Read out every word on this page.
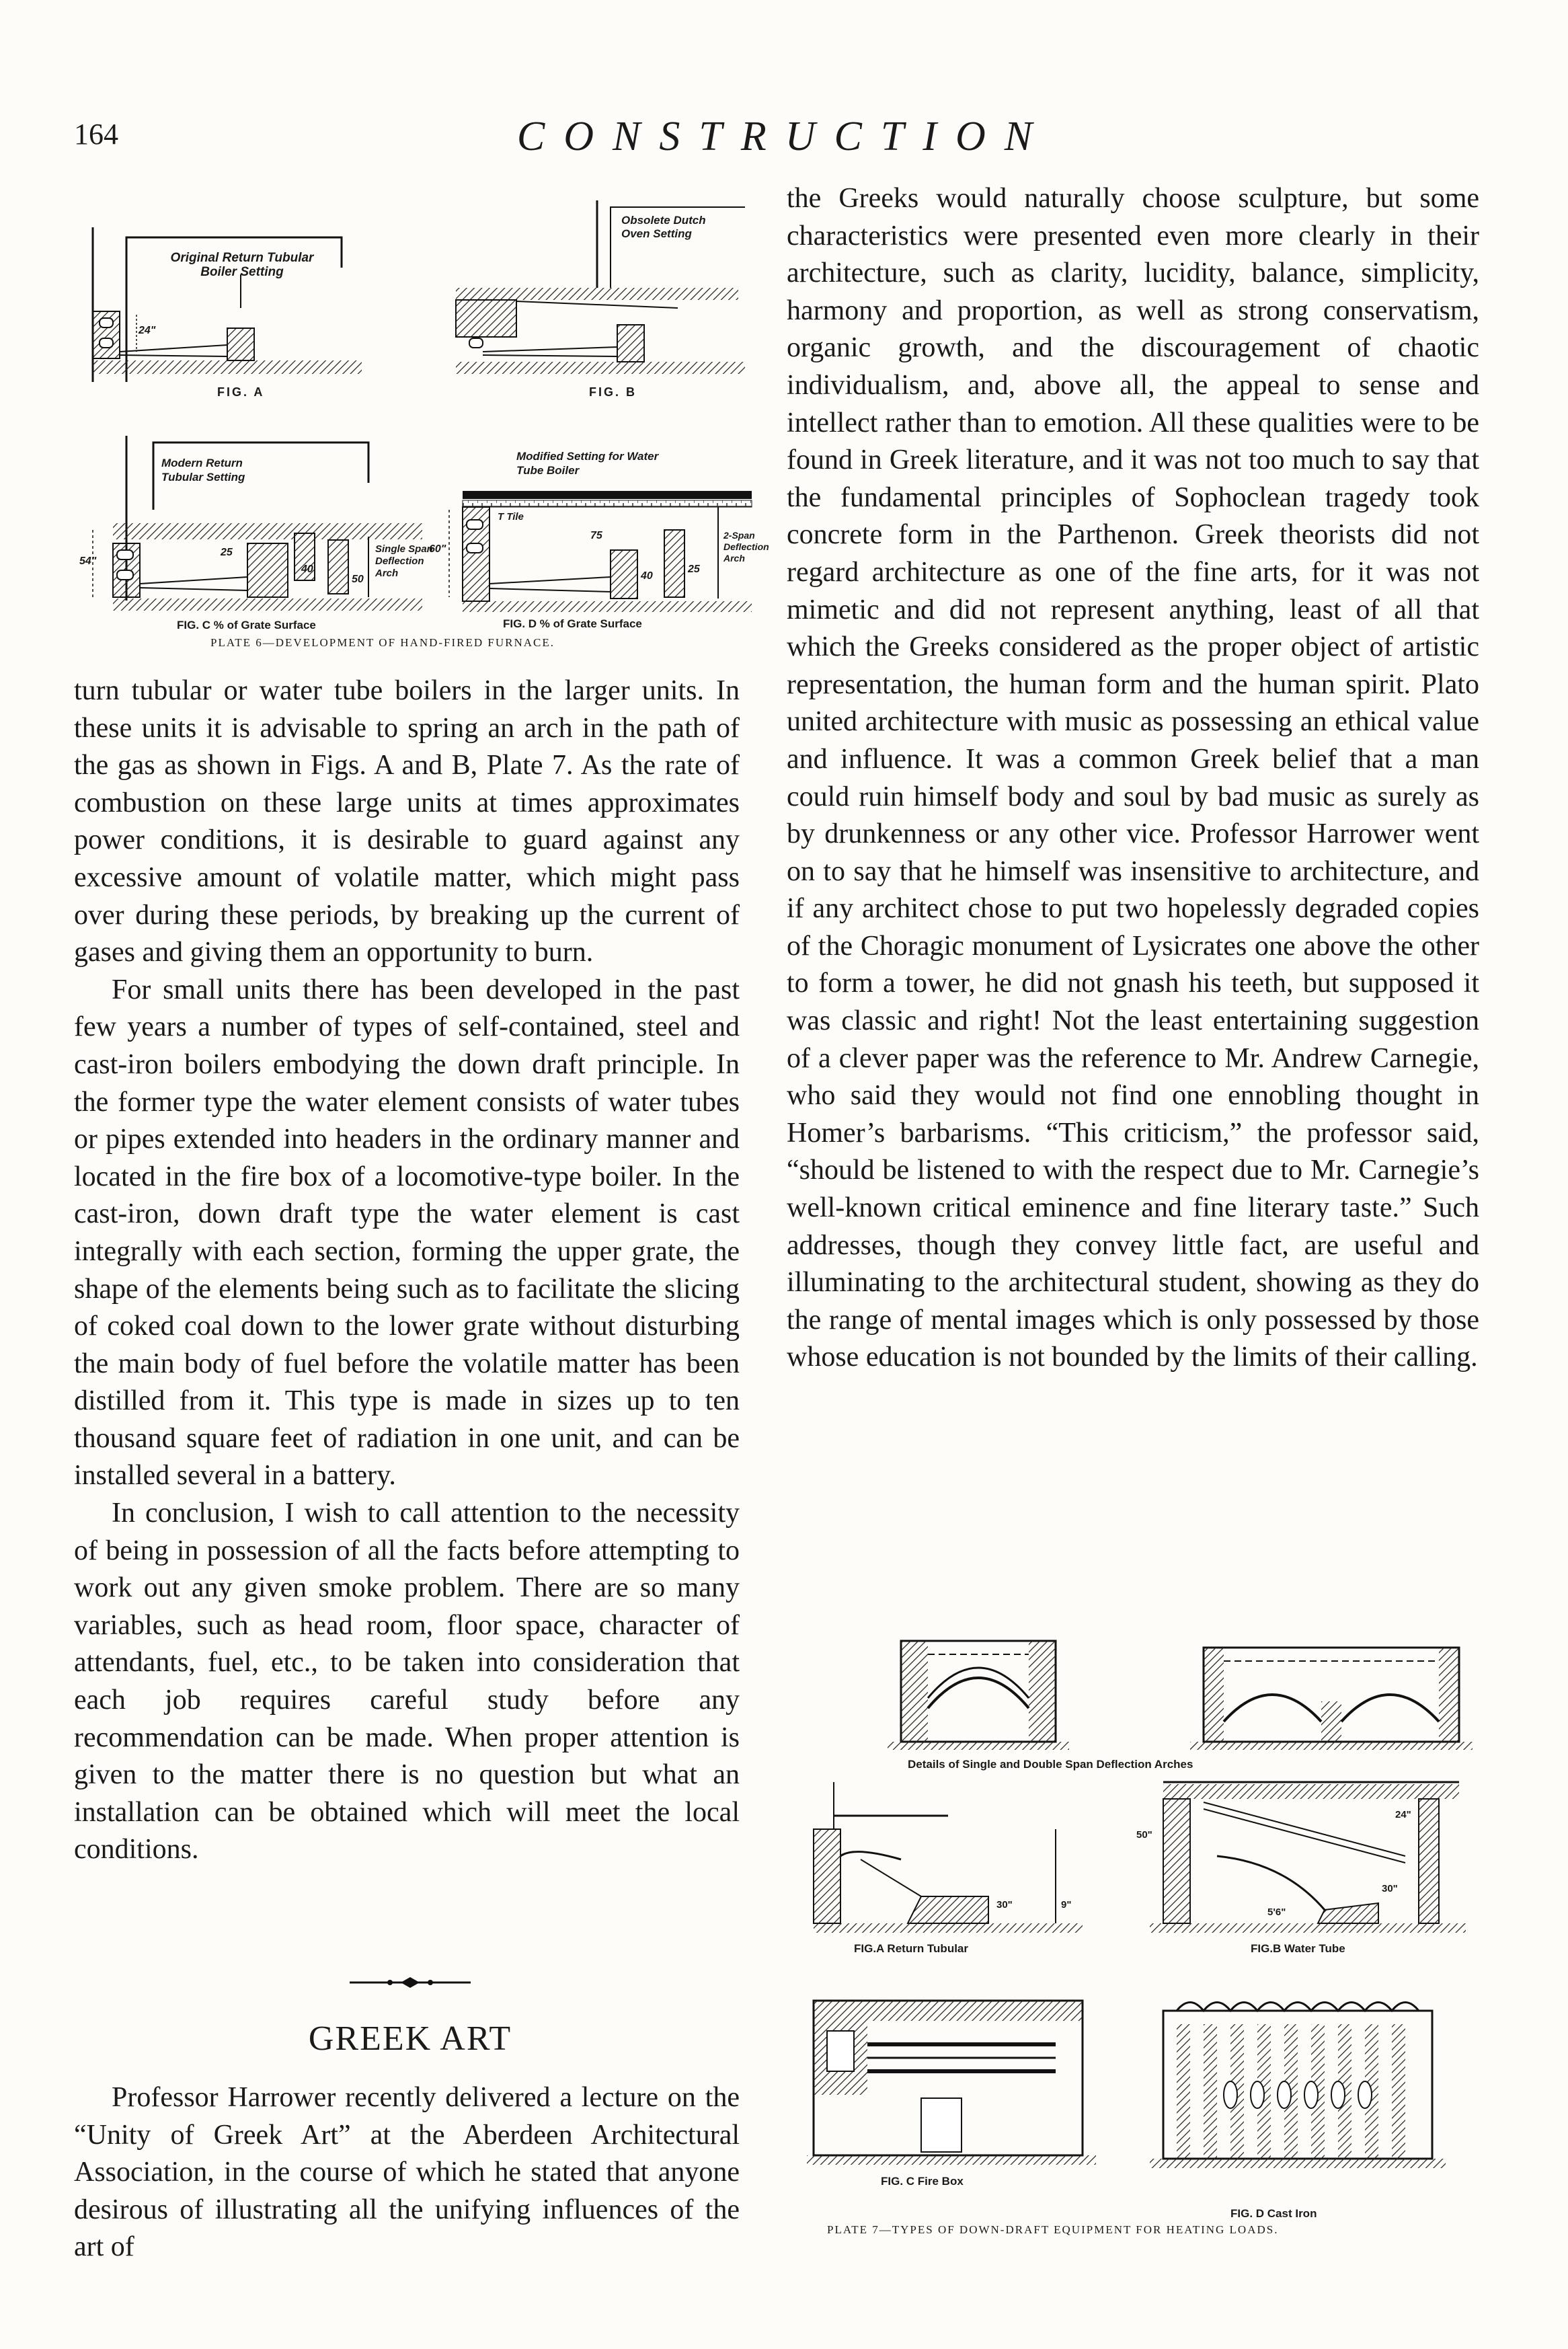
164	CONSTRUCTION
Original Return Tubular Boiler Setting
24"
FIG. A
Obsolete Dutch Oven Setting
FIG. B
Modern Return Tubular Setting
54"
25
40
50
Single Span Deflection Arch
FIG. C % of Grate Surface
Modified Setting for Water Tube Boiler
T Tile
60"
75
40
25
2-Span Deflection Arch
FIG. D % of Grate Surface
PLATE 6—DEVELOPMENT OF HAND-FIRED FURNACE.

turn tubular or water tube boilers in the larger units. In these units it is advisable to spring an arch in the path of the gas as shown in Figs. A and B, Plate 7. As the rate of combustion on these large units at times approximates power conditions, it is desirable to guard against any excessive amount of volatile matter, which might pass over during these periods, by breaking up the current of gases and giving them an opportunity to burn.

For small units there has been developed in the past few years a number of types of self-contained, steel and cast-iron boilers embodying the down draft principle. In the former type the water element consists of water tubes or pipes extended into headers in the ordinary manner and located in the fire box of a locomotive-type boiler. In the cast-iron, down draft type the water element is cast integrally with each section, forming the upper grate, the shape of the elements being such as to facilitate the slicing of coked coal down to the lower grate without disturbing the main body of fuel before the volatile matter has been distilled from it. This type is made in sizes up to ten thousand square feet of radiation in one unit, and can be installed several in a battery.

In conclusion, I wish to call attention to the necessity of being in possession of all the facts before attempting to work out any given smoke problem. There are so many variables, such as head room, floor space, character of attendants, fuel, etc., to be taken into consideration that each job requires careful study before any recommendation can be made. When proper attention is given to the matter there is no question but what an installation can be obtained which will meet the local conditions.

GREEK ART

Professor Harrower recently delivered a lecture on the “Unity of Greek Art” at the Aberdeen Architectural Association, in the course of which he stated that anyone desirous of illustrating all the unifying influences of the art of

the Greeks would naturally choose sculpture, but some characteristics were presented even more clearly in their architecture, such as clarity, lucidity, balance, simplicity, harmony and proportion, as well as strong conservatism, organic growth, and the discouragement of chaotic individualism, and, above all, the appeal to sense and intellect rather than to emotion. All these qualities were to be found in Greek literature, and it was not too much to say that the fundamental principles of Sophoclean tragedy took concrete form in the Parthenon. Greek theorists did not regard architecture as one of the fine arts, for it was not mimetic and did not represent anything, least of all that which the Greeks considered as the proper object of artistic representation, the human form and the human spirit. Plato united architecture with music as possessing an ethical value and influence. It was a common Greek belief that a man could ruin himself body and soul by bad music as surely as by drunkenness or any other vice. Professor Harrower went on to say that he himself was insensitive to architecture, and if any architect chose to put two hopelessly degraded copies of the Choragic monument of Lysicrates one above the other to form a tower, he did not gnash his teeth, but supposed it was classic and right! Not the least entertaining suggestion of a clever paper was the reference to Mr. Andrew Carnegie, who said they would not find one ennobling thought in Homer’s barbarisms. “This criticism,” the professor said, “should be listened to with the respect due to Mr. Carnegie’s well-known critical eminence and fine literary taste.” Such addresses, though they convey little fact, are useful and illuminating to the architectural student, showing as they do the range of mental images which is only possessed by those whose education is not bounded by the limits of their calling.

Details of Single and Double Span Deflection Arches
30"	9"
FIG.A Return Tubular
50"
24"
5'6"
30"
FIG.B Water Tube
FIG. C Fire Box
FIG. D Cast Iron
PLATE 7—TYPES OF DOWN-DRAFT EQUIPMENT FOR HEATING LOADS.
